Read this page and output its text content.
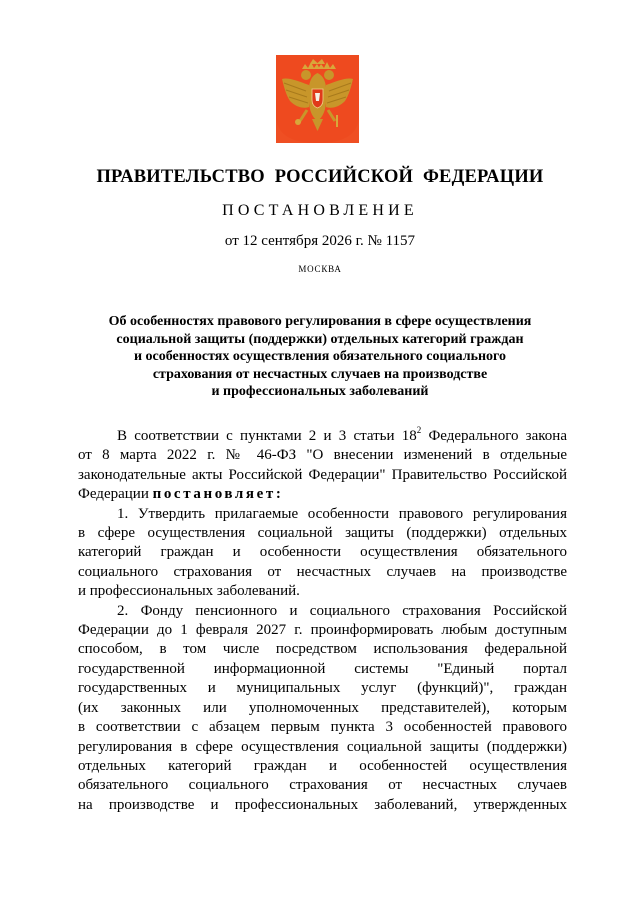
ПРАВИТЕЛЬСТВО РОССИЙСКОЙ ФЕДЕРАЦИИ
ПОСТАНОВЛЕНИЕ
от 12 сентября 2026 г. № 1157
МОСКВА
Об особенностях правового регулирования в сфере осуществления
социальной защиты (поддержки) отдельных категорий граждан
и особенностях осуществления обязательного социального
страхования от несчастных случаев на производстве
и профессиональных заболеваний

В соответствии с пунктами 2 и 3 статьи $18^2$ Федерального закона

от 8 марта 2022 г. № 46-ФЗ "О внесении изменений в отдельные

законодательные акты Российской Федерации" Правительство Российской

Федерации постановляет:

1. Утвердить прилагаемые особенности правового регулирования

в сфере осуществления социальной защиты (поддержки) отдельных

категорий граждан и особенности осуществления обязательного

социального страхования от несчастных случаев на производстве

и профессиональных заболеваний.

2. Фонду пенсионного и социального страхования Российской

Федерации до 1 февраля 2027 г. проинформировать любым доступным

способом, в том числе посредством использования федеральной

государственной информационной системы "Единый портал

государственных и муниципальных услуг (функций)", граждан

(их законных или уполномоченных представителей), которым

в соответствии с абзацем первым пункта 3 особенностей правового

регулирования в сфере осуществления социальной защиты (поддержки)

отдельных категорий граждан и особенностей осуществления

обязательного социального страхования от несчастных случаев

на производстве и профессиональных заболеваний, утвержденных
